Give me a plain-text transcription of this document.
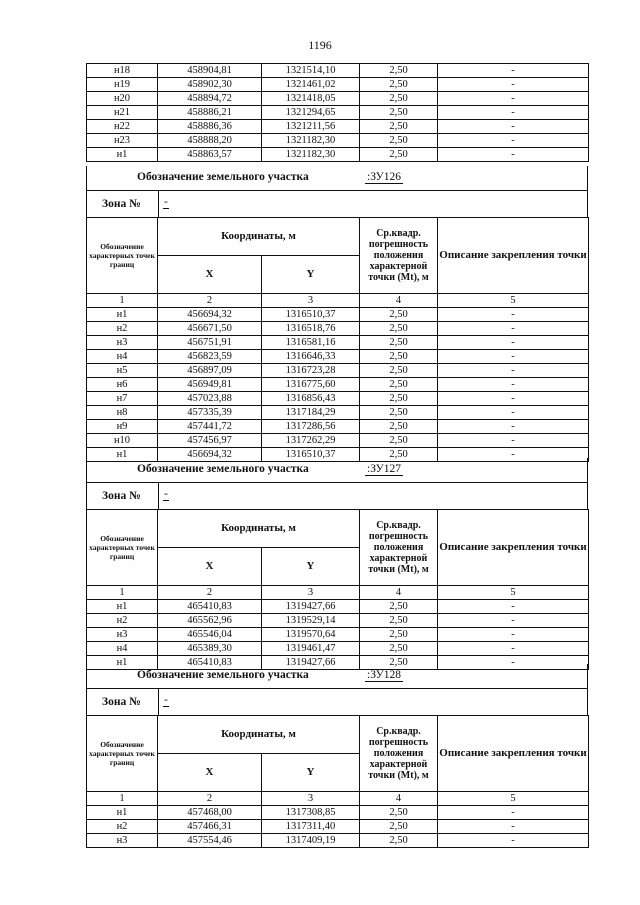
1196
н18	458904,81	1321514,10	2,50	-
н19	458902,30	1321461,02	2,50	-
н20	458894,72	1321418,05	2,50	-
н21	458886,21	1321294,65	2,50	-
н22	458886,36	1321211,56	2,50	-
н23	458888,20	1321182,30	2,50	-
н1	458863,57	1321182,30	2,50	-
Обозначение земельного участка	:ЗУ126
Зона № -
Обозначение характерных точек границ	Координаты, м		Ср.квадр. погрешность положения характерной точки (Mt), м	Описание закрепления точки
	X	Y		
1	2	3	4	5
н1	456694,32	1316510,37	2,50	-
н2	456671,50	1316518,76	2,50	-
н3	456751,91	1316581,16	2,50	-
н4	456823,59	1316646,33	2,50	-
н5	456897,09	1316723,28	2,50	-
н6	456949,81	1316775,60	2,50	-
н7	457023,88	1316856,43	2,50	-
н8	457335,39	1317184,29	2,50	-
н9	457441,72	1317286,56	2,50	-
н10	457456,97	1317262,29	2,50	-
н1	456694,32	1316510,37	2,50	-
Обозначение земельного участка	:ЗУ127
Зона № -
Обозначение характерных точек границ	Координаты, м		Ср.квадр. погрешность положения характерной точки (Mt), м	Описание закрепления точки
	X	Y		
1	2	3	4	5
н1	465410,83	1319427,66	2,50	-
н2	465562,96	1319529,14	2,50	-
н3	465546,04	1319570,64	2,50	-
н4	465389,30	1319461,47	2,50	-
н1	465410,83	1319427,66	2,50	-
Обозначение земельного участка	:ЗУ128
Зона № -
Обозначение характерных точек границ	Координаты, м		Ср.квадр. погрешность положения характерной точки (Mt), м	Описание закрепления точки
	X	Y		
1	2	3	4	5
н1	457468,00	1317308,85	2,50	-
н2	457466,31	1317311,40	2,50	-
н3	457554,46	1317409,19	2,50	-
